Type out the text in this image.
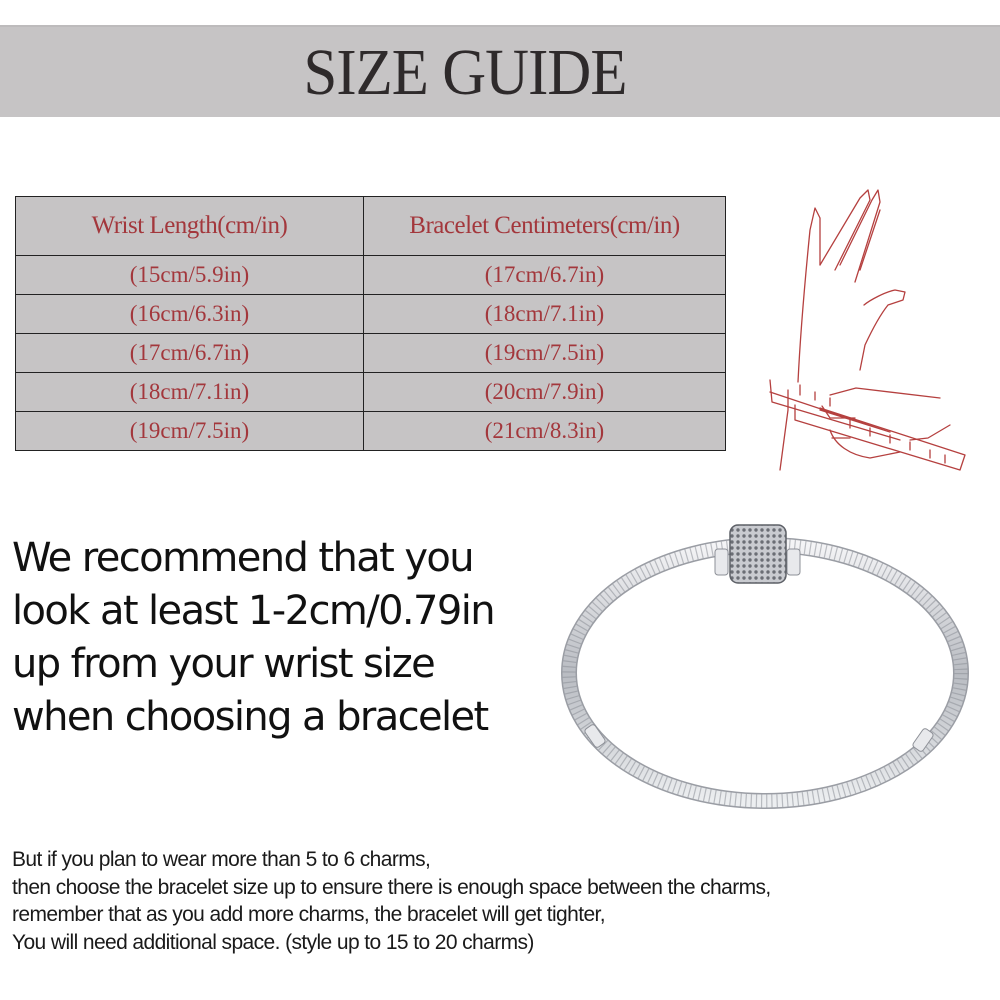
SIZE GUIDE
Wrist Length(cm/in)	Bracelet Centimeters(cm/in)
(15cm/5.9in)	(17cm/6.7in)
(16cm/6.3in)	(18cm/7.1in)
(17cm/6.7in)	(19cm/7.5in)
(18cm/7.1in)	(20cm/7.9in)
(19cm/7.5in)	(21cm/8.3in)
We recommend that you
look at least 1-2cm/0.79in
up from your wrist size
when choosing a bracelet
But if you plan to wear more than 5 to 6 charms,
then choose the bracelet size up to ensure there is enough space between the charms,
remember that as you add more charms, the bracelet will get tighter,
You will need additional space. (style up to 15 to 20 charms)
